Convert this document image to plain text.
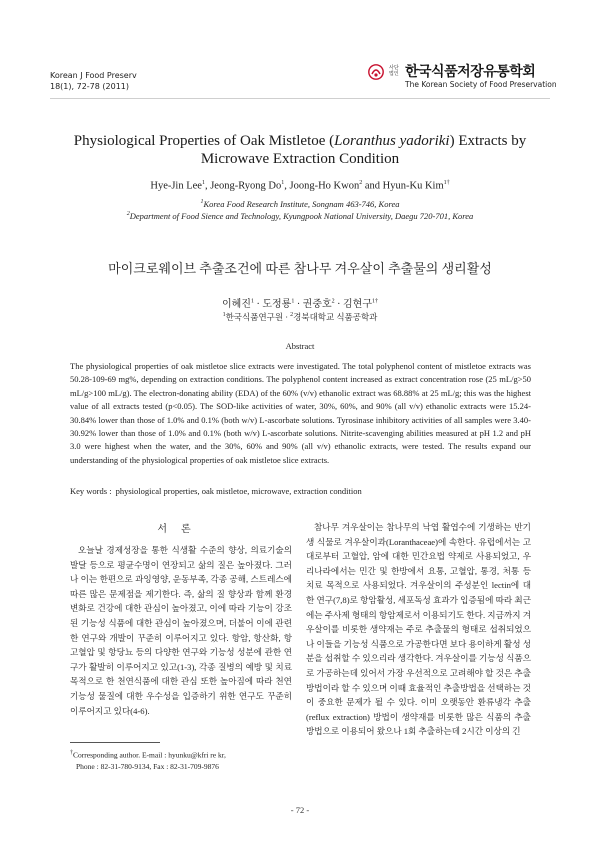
Korean J Food Preserv
18(1), 72-78 (2011)
사단법인 한국식품저장유통학회
The Korean Society of Food Preservation
Physiological Properties of Oak Mistletoe (Loranthus yadoriki) Extracts by
Microwave Extraction Condition
Hye-Jin Lee$^1$, Jeong-Ryong Do$^1$, Joong-Ho Kwon$^2$ and Hyun-Ku Kim$^{1\dagger}$
$^1$Korea Food Research Institute, Songnam 463-746, Korea
$^2$Department of Food Sience and Technology, Kyungpook National University, Daegu 720-701, Korea
마이크로웨이브 추출조건에 따른 참나무 겨우살이 추출물의 생리활성
이혜진$^1$ · 도정룡$^1$ · 권중호$^2$ · 김현구$^{1\dagger}$
$^1$한국식품연구원 · $^2$경북대학교 식품공학과
Abstract
The physiological properties of oak mistletoe slice extracts were investigated. The total polyphenol content of mistletoe extracts was 50.28-109-69 mg%, depending on extraction conditions. The polyphenol content increased as extract concentration rose (25 mL/g>50 mL/g>100 mL/g). The electron-donating ability (EDA) of the 60% (v/v) ethanolic extract was 68.88% at 25 mL/g; this was the highest value of all extracts tested (p<0.05). The SOD-like activities of water, 30%, 60%, and 90% (all v/v) ethanolic extracts were 15.24-30.84% lower than those of 1.0% and 0.1% (both w/v) L-ascorbate solutions. Tyrosinase inhibitory activities of all samples were 3.40-30.92% lower than those of 1.0% and 0.1% (both w/v) L-ascorbate solutions. Nitrite-scavenging abilities measured at pH 1.2 and pH 3.0 were highest when the water, and the 30%, 60% and 90% (all v/v) ethanolic extracts, were tested. The results expand our understanding of the physiological properties of oak mistletoe slice extracts.
Key words : physiological properties, oak mistletoe, microwave, extraction condition
서론

오늘날 경제성장을 통한 식생활 수준의 향상, 의료기술의 발달 등으로 평균수명이 연장되고 삶의 질은 높아졌다. 그러나 이는 한편으로 과잉영양, 운동부족, 각종 공해, 스트레스에 따른 많은 문제점을 제기한다. 즉, 삶의 질 향상과 함께 환경 변화로 건강에 대한 관심이 높아졌고, 이에 따라 기능이 강조된 기능성 식품에 대한 관심이 높아졌으며, 더불어 이에 관련한 연구와 개발이 꾸준히 이루어지고 있다. 항암, 항산화, 항고혈압 및 항당뇨 등의 다양한 연구와 기능성 성분에 관한 연구가 활발히 이루어지고 있고(1-3), 각종 질병의 예방 및 치료목적으로 한 천연식품에 대한 관심 또한 높아짐에 따라 천연 기능성 물질에 대한 우수성을 입증하기 위한 연구도 꾸준히 이루어지고 있다(4-6).

참나무 겨우살이는 참나무의 낙엽 활엽수에 기생하는 반기생 식물로 겨우살이과(Loranthaceae)에 속한다. 유럽에서는 고대로부터 고혈압, 암에 대한 민간요법 약제로 사용되었고, 우리나라에서는 민간 및 한방에서 요통, 고혈압, 통경, 처통 등 치료 목적으로 사용되었다. 겨우살이의 주성분인 lectin에 대한 연구(7,8)로 항암활성, 세포독성 효과가 입증됨에 따라 최근에는 주사제 형태의 항암제로서 이용되기도 한다. 지금까지 겨우살이를 비롯한 생약재는 주로 추출물의 형태로 섭취되었으나 이들을 기능성 식품으로 가공한다면 보다 용이하게 활성 성분을 섭취할 수 있으리라 생각한다. 겨우살이를 기능성 식품으로 가공하는데 있어서 가장 우선적으로 고려해야 할 것은 추출방법이라 할 수 있으며 이때 효율적인 추출방법을 선택하는 것이 중요한 문제가 될 수 있다. 이미 오랫동안 환류냉각 추출(reflux extraction) 방법이 생약재를 비롯한 많은 식품의 추출방법으로 이용되어 왔으나 1회 추출하는데 2시간 이상의 긴

†Corresponding author. E-mail : hyunku@kfri re kr,
Phone : 82-31-780-9134, Fax : 82-31-709-9876
- 72 -
